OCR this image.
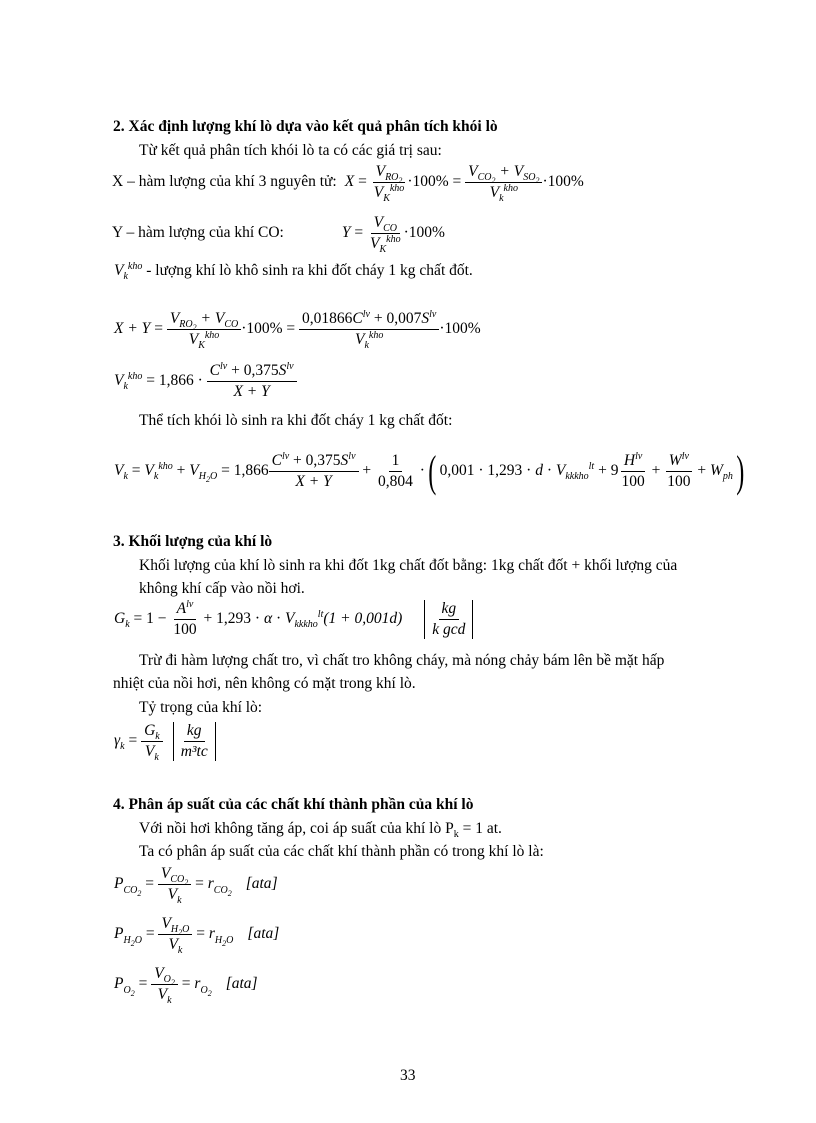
2. Xác định lượng khí lò dựa vào kết quả phân tích khói lò
Từ kết quả phân tích khói lò ta có các giá trị sau:
X – hàm lượng của khí 3 nguyên tử: X =
$V_{RO_2}$
$V_K^{kho} \cdot 100\%$ =
$V_{CO_2} + V_{SO_2}$
$V_k^{kho} \cdot 100\%$
Y – hàm lượng của khí CO:	Y =
$V_{CO}$
$V_K^{kho} \cdot 100\%$
$V_k^{kho}$
- lượng khí lò khô sinh ra khi đốt cháy 1 kg chất đốt.
X + Y =
$V_{RO_2} + V_{CO}$
$V_K^{kho} \cdot 100\%$ =
$0,01866C^{lv} + 0,007S^{lv}$
$V_k^{kho}$	·100%
$V_k^{kho} = 1,866$ ·
$C^{lv} + 0,375S^{lv}$
X + Y
Thể tích khói lò sinh ra khi đốt cháy 1 kg chất đốt:
$V_k = V_k^{kho} + V_{H_2O} = 1,866$
$C^{lv} + 0,375S^{lv}$
X + Y
+
1
0,804
· ( $0,001 \cdot 1,293 \cdot d \cdot V_{kkkho}^{lt} + 9$
$H^{lv}$
100
+
$W^{lv}$
100
+ $W_{ph}$ )
3. Khối lượng của khí lò
Khối lượng của khí lò sinh ra khi đốt 1kg chất đốt bằng: 1kg chất đốt + khối lượng của
không khí cấp vào nồi hơi.
$G_k = 1$ −
$A^{lv}$
100
+ $1,293 \cdot \alpha \cdot V_{kkkho}^{lt}$ (1 + 0,001d)
kg
k gcd
Trừ đi hàm lượng chất tro, vì chất tro không cháy, mà nóng chảy bám lên bề mặt hấp
nhiệt của nồi hơi, nên không có mặt trong khí lò.
Tỷ trọng của khí lò:
$\gamma_k$ =
$G_k$
$V_k$
kg
m³tc
4. Phân áp suất của các chất khí thành phần của khí lò
Với nồi hơi không tăng áp, coi áp suất của khí lò $P_k = 1$ at.
Ta có phân áp suất của các chất khí thành phần có trong khí lò là:
$P_{CO_2}$
=
$V_{CO_2}$
$V_k$
= $r_{CO_2}$
[ata]
$P_{H_2O}$ =
$V_{H_2O}$
$V_k$
= $r_{H_2O}$ [ata]
$P_{O_2}$
=
$V_{O_2}$
$V_k$
= $r_{O_2}$
[ata]
33
